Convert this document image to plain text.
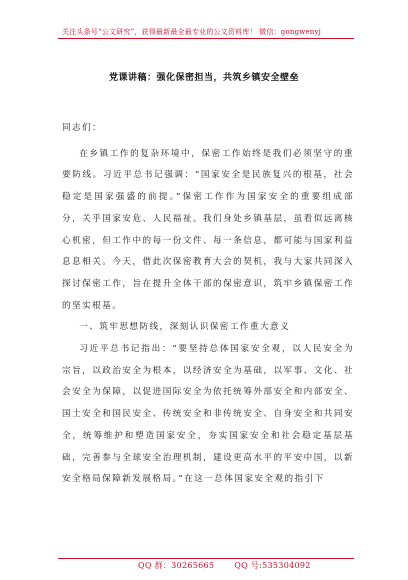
关注头条号“公文研究”，获得最新最全最专业的公文资料库！ 微信：gongwenyj
党课讲稿：强化保密担当，共筑乡镇安全壁垒

同志们：

在乡镇工作的复杂环境中，保密工作始终是我们必须坚守的重要防线。习近平总书记强调：“国家安全是民族复兴的根基，社会稳定是国家强盛的前提。”保密工作作为国家安全的重要组成部分，关乎国家安危、人民福祉。我们身处乡镇基层，虽看似远离核心机密，但工作中的每一份文件、每一条信息，都可能与国家利益息息相关。今天，借此次保密教育大会的契机，我与大家共同深入探讨保密工作，旨在提升全体干部的保密意识，筑牢乡镇保密工作的坚实根基。

一、筑牢思想防线，深刻认识保密工作重大意义

习近平总书记指出：“要坚持总体国家安全观，以人民安全为宗旨，以政治安全为根本，以经济安全为基础，以军事、文化、社会安全为保障，以促进国际安全为依托统筹外部安全和内部安全、国土安全和国民安全、传统安全和非传统安全、自身安全和共同安全，统筹维护和塑造国家安全，夯实国家安全和社会稳定基层基础，完善参与全球安全治理机制，建设更高水平的平安中国，以新安全格局保障新发展格局。”在这一总体国家安全观的指引下

QQ 群：30265665	QQ 号:535304092
